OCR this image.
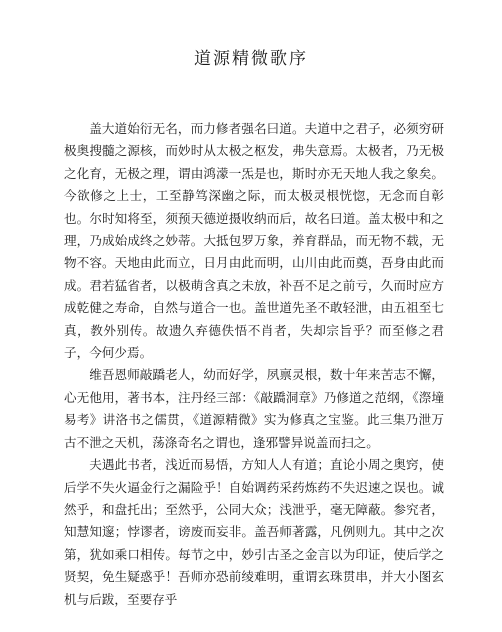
道源精微歌序

盖大道始衍无名，而力修者强名曰道。夫道中之君子，必须穷研极奥搜髓之源核，而妙时从太极之枢发，弗失意焉。太极者，乃无极之化育，无极之理，谓由鸿濛一炁是也，斯时亦无天地人我之象矣。今欲修之上士，工至静笃深幽之际，而太极灵根恍惚，无念而自彰也。尔时知将至，须预天德逆摄收纳而后，故名曰道。盖太极中和之理，乃成始成终之妙蒂。大抵包罗万象，养育群品，而无物不载，无物不容。天地由此而立，日月由此而明，山川由此而奠，吾身由此而成。君若猛省者，以极萌含真之未放，补吾不足之前亏，久而时应方成乾健之寿命，自然与道合一也。盖世道先圣不敢轻泄，由五祖至七真，教外别传。故遗久弃德佚悟不肖者，失却宗旨乎？而至修之君子，今何少焉。

维吾恩师敲蹻老人，幼而好学，夙禀灵根，数十年来苦志不懈，心无他用，著书本，注丹经三部：《敲蹻洞章》乃修道之范纲，《漈墥易考》讲洛书之儒贯，《道源精微》实为修真之宝鉴。此三集乃泄万古不泄之天机，荡涤奇名之谓也，逢邪譬异说盖而扫之。

夫遇此书者，浅近而易悟，方知人人有道；直论小周之奥窍，使后学不失火逼金行之漏险乎！自始调药采药炼药不失迟速之误也。诚然乎，和盘托出；至然乎，公同大众；浅泄乎，毫无障蔽。参究者，知慧知邃；悖谬者，谤废而妄非。盖吾师著露，凡例则九。其中之次第，犹如乘口相传。每节之中，妙引古圣之金言以为印证，使后学之贤契，免生疑惑乎！吾师亦恐前绫难明，重谓玄珠贯串，并大小图玄机与后跋，至要存乎
